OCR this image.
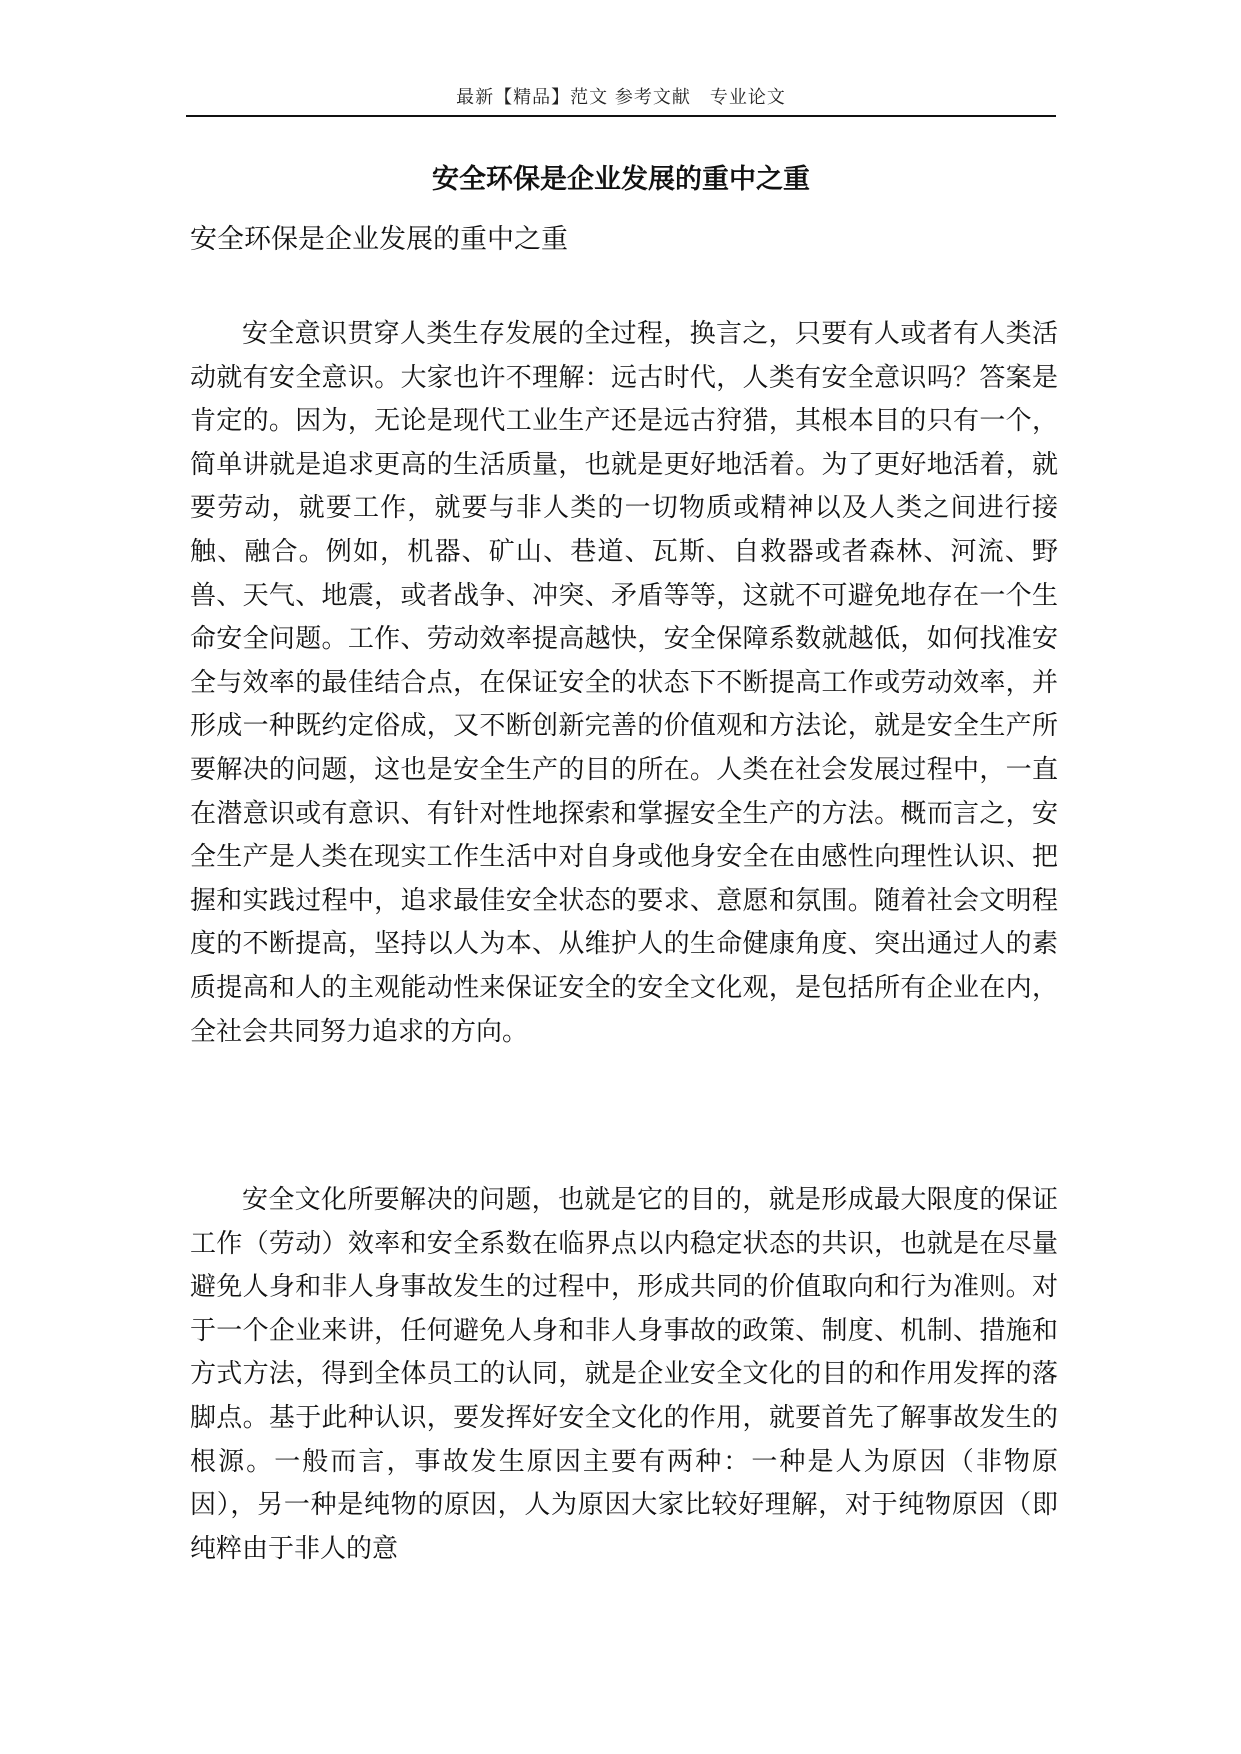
最新【精品】范文 参考文献　专业论文
安全环保是企业发展的重中之重
安全环保是企业发展的重中之重

安全意识贯穿人类生存发展的全过程，换言之，只要有人或者有人类活动就有安全意识。大家也许不理解：远古时代，人类有安全意识吗？答案是肯定的。因为，无论是现代工业生产还是远古狩猎，其根本目的只有一个，简单讲就是追求更高的生活质量，也就是更好地活着。为了更好地活着，就要劳动，就要工作，就要与非人类的一切物质或精神以及人类之间进行接触、融合。例如，机器、矿山、巷道、瓦斯、自救器或者森林、河流、野兽、天气、地震，或者战争、冲突、矛盾等等，这就不可避免地存在一个生命安全问题。工作、劳动效率提高越快，安全保障系数就越低，如何找准安全与效率的最佳结合点，在保证安全的状态下不断提高工作或劳动效率，并形成一种既约定俗成，又不断创新完善的价值观和方法论，就是安全生产所要解决的问题，这也是安全生产的目的所在。人类在社会发展过程中，一直在潜意识或有意识、有针对性地探索和掌握安全生产的方法。概而言之，安全生产是人类在现实工作生活中对自身或他身安全在由感性向理性认识、把握和实践过程中，追求最佳安全状态的要求、意愿和氛围。随着社会文明程度的不断提高，坚持以人为本、从维护人的生命健康角度、突出通过人的素质提高和人的主观能动性来保证安全的安全文化观，是包括所有企业在内，全社会共同努力追求的方向。

安全文化所要解决的问题，也就是它的目的，就是形成最大限度的保证工作（劳动）效率和安全系数在临界点以内稳定状态的共识，也就是在尽量避免人身和非人身事故发生的过程中，形成共同的价值取向和行为准则。对于一个企业来讲，任何避免人身和非人身事故的政策、制度、机制、措施和方式方法，得到全体员工的认同，就是企业安全文化的目的和作用发挥的落脚点。基于此种认识，要发挥好安全文化的作用，就要首先了解事故发生的根源。一般而言，事故发生原因主要有两种：一种是人为原因（非物原因），另一种是纯物的原因，人为原因大家比较好理解，对于纯物原因（即纯粹由于非人的意
